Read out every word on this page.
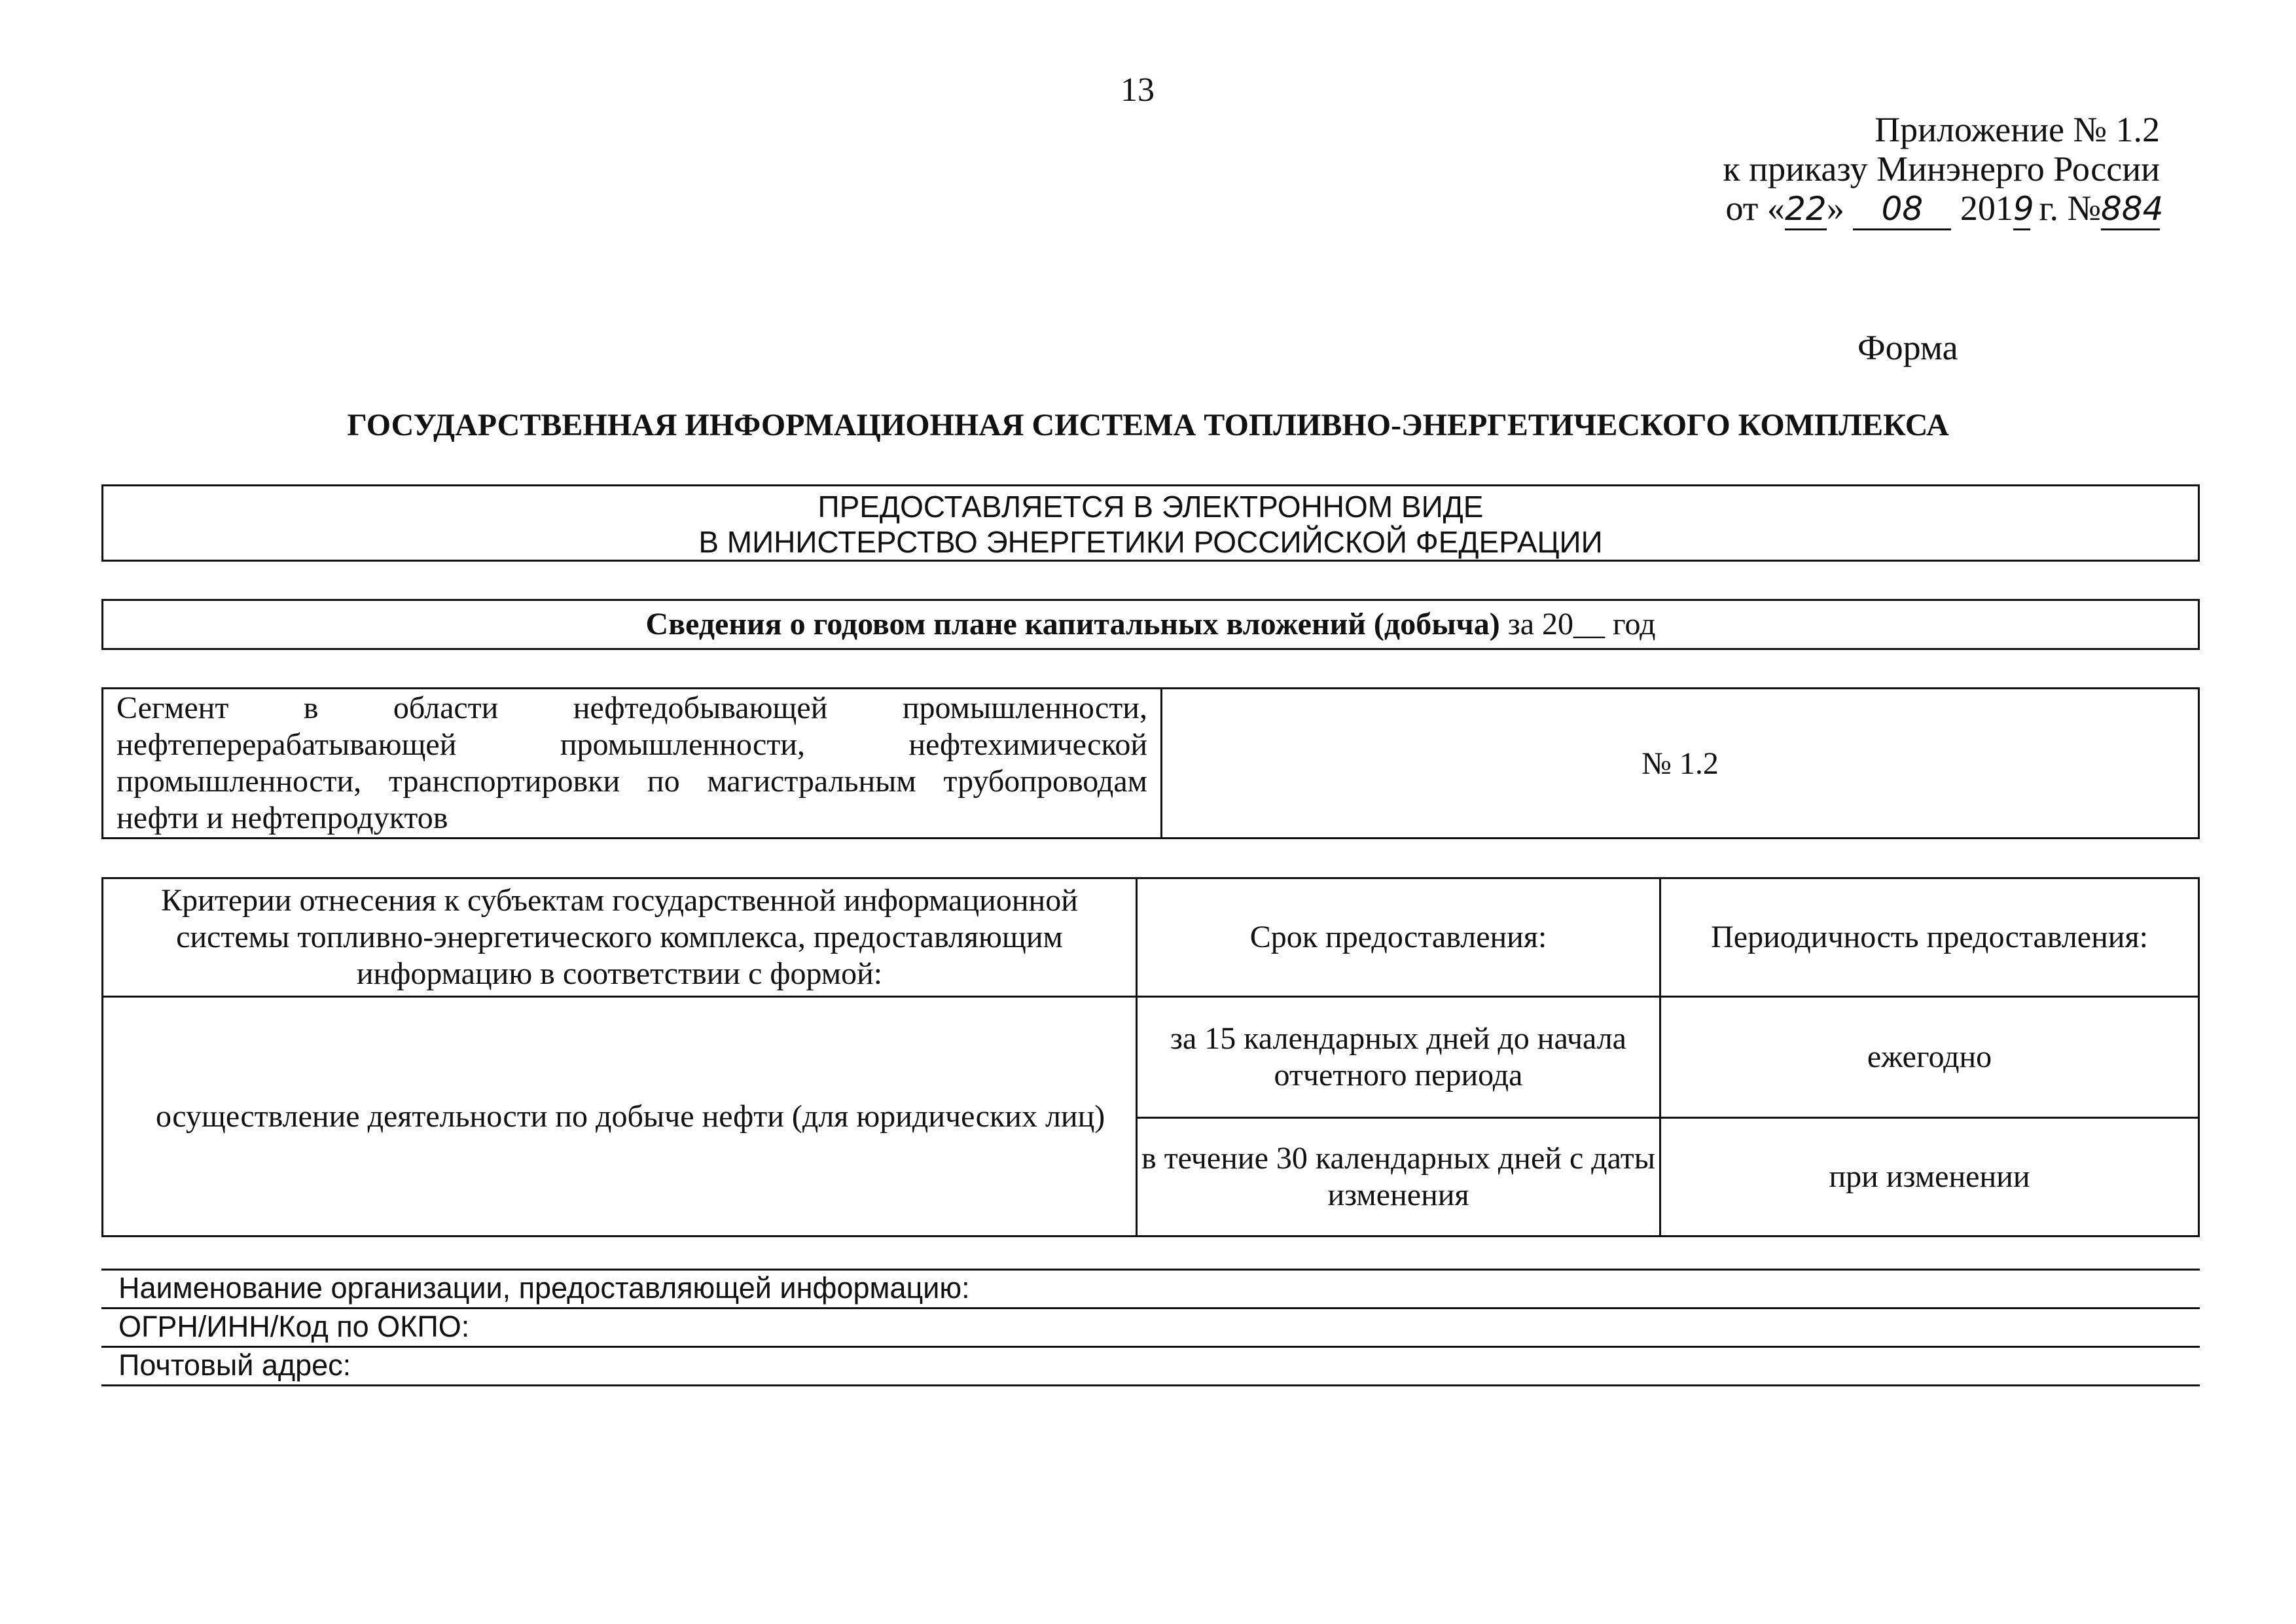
13
Приложение № 1.2
к приказу Минэнерго России
от «22» 08 2019 г. №884
Форма
ГОСУДАРСТВЕННАЯ ИНФОРМАЦИОННАЯ СИСТЕМА ТОПЛИВНО-ЭНЕРГЕТИЧЕСКОГО КОМПЛЕКСА
ПРЕДОСТАВЛЯЕТСЯ В ЭЛЕКТРОННОМ ВИДЕ
В МИНИСТЕРСТВО ЭНЕРГЕТИКИ РОССИЙСКОЙ ФЕДЕРАЦИИ
Сведения о годовом плане капитальных вложений (добыча) за 20__ год
Сегмент в области нефтедобывающей промышленности, нефтеперерабатывающей промышленности, нефтехимической промышленности, транспортировки по магистральным трубопроводам нефти и нефтепродуктов	№ 1.2
Критерии отнесения к субъектам государственной информационной системы топливно-энергетического комплекса, предоставляющим информацию в соответствии с формой:	Срок предоставления:	Периодичность предоставления:
осуществление деятельности по добыче нефти (для юридических лиц)	за 15 календарных дней до начала отчетного периода	ежегодно
	в течение 30 календарных дней с даты изменения	при изменении
Наименование организации, предоставляющей информацию:
ОГРН/ИНН/Код по ОКПО:
Почтовый адрес:
